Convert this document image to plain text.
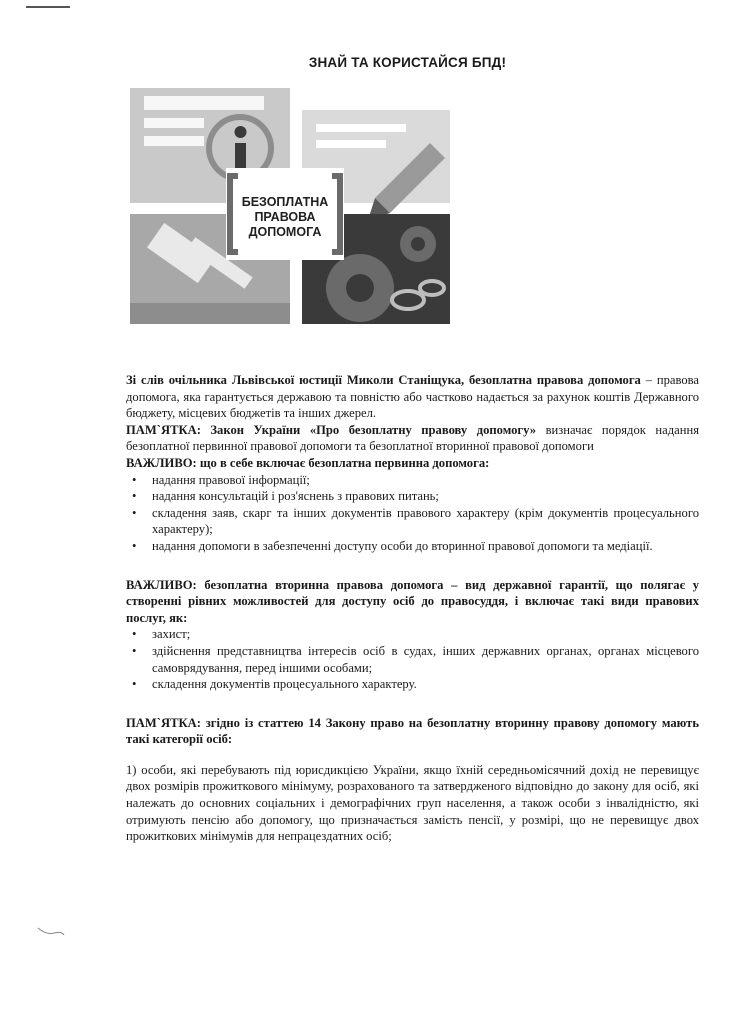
ЗНАЙ ТА КОРИСТАЙСЯ БПД!
БЕЗОПЛАТНА
ПРАВОВА
ДОПОМОГА

Зі слів очільника Львівської юстиції Миколи Станіщука, безоплатна правова допомога – правова допомога, яка гарантується державою та повністю або частково надається за рахунок коштів Державного бюджету, місцевих бюджетів та інших джерел.

ПАМ`ЯТКА: Закон України «Про безоплатну правову допомогу» визначає порядок надання безоплатної первинної правової допомоги та безоплатної вторинної правової допомоги

ВАЖЛИВО: що в себе включає безоплатна первинна допомога:

• надання правової інформації;
• надання консультацій і роз'яснень з правових питань;
• складення заяв, скарг та інших документів правового характеру (крім документів процесуального характеру);
• надання допомоги в забезпеченні доступу особи до вторинної правової допомоги та медіації.

ВАЖЛИВО: безоплатна вторинна правова допомога – вид державної гарантії, що полягає у створенні рівних можливостей для доступу осіб до правосуддя, і включає такі види правових послуг, як:

• захист;
• здійснення представництва інтересів осіб в судах, інших державних органах, органах місцевого самоврядування, перед іншими особами;
• складення документів процесуального характеру.

ПАМ`ЯТКА: згідно із статтею 14 Закону право на безоплатну вторинну правову допомогу мають такі категорії осіб:

1) особи, які перебувають під юрисдикцією України, якщо їхній середньомісячний дохід не перевищує двох розмірів прожиткового мінімуму, розрахованого та затвердженого відповідно до закону для осіб, які належать до основних соціальних і демографічних груп населення, а також особи з інвалідністю, які отримують пенсію або допомогу, що призначається замість пенсії, у розмірі, що не перевищує двох прожиткових мінімумів для непрацездатних осіб;
